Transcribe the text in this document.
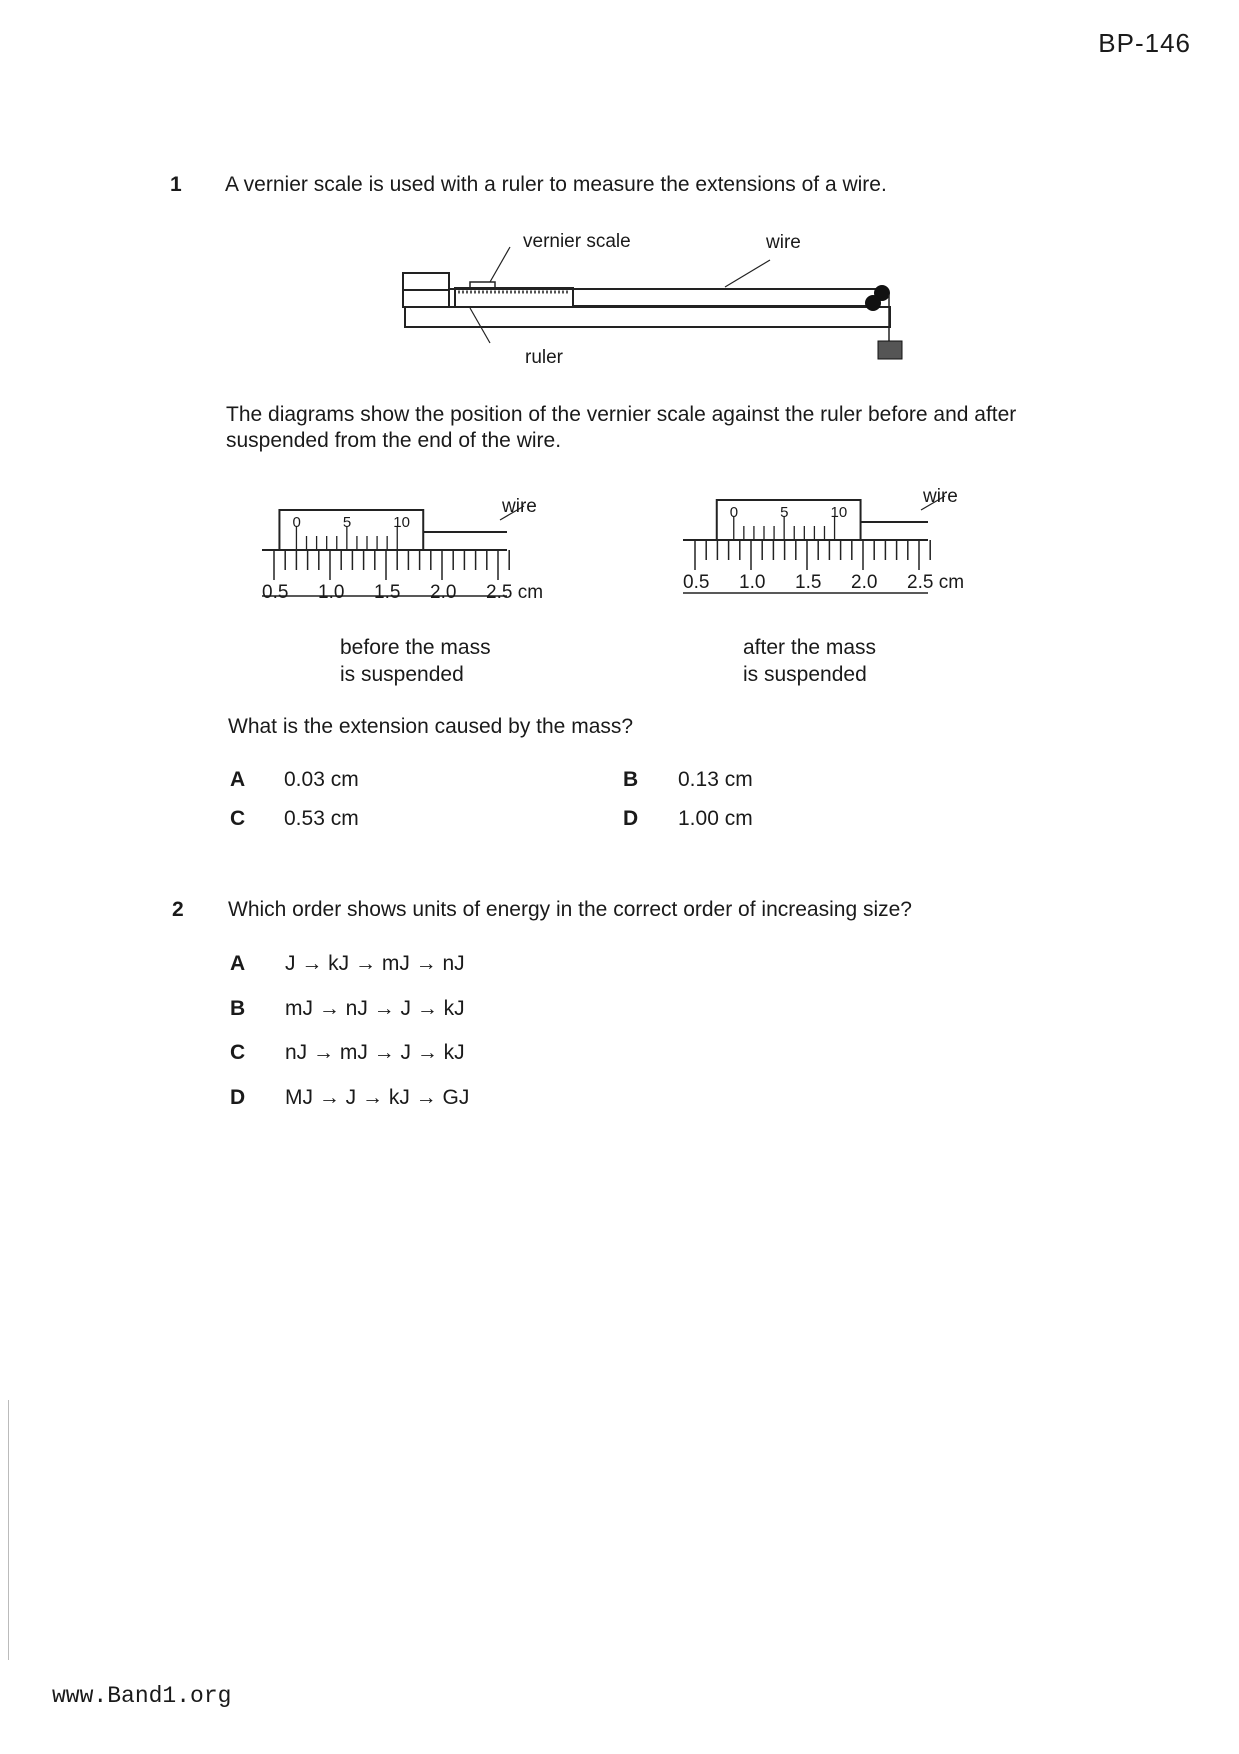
BP-146
1 A vernier scale is used with a ruler to measure the extensions of a wire.
vernier scale	wire
ruler
The diagrams show the position of the vernier scale against the ruler before and after
suspended from the end of the wire.
wire
0	5	10
0.5 1.0 1.5 2.0 2.5 cm
wire
0	5	10
0.5 1.0 1.5 2.0 2.5 cm
before the mass
is suspended
after the mass
is suspended
What is the extension caused by the mass?
A 0.03 cm	B 0.13 cm
C 0.53 cm	D 1.00 cm
2 Which order shows units of energy in the correct order of increasing size?
A J → kJ → mJ → nJ
B mJ → nJ → J → kJ
C nJ → mJ → J → kJ
D MJ → J → kJ → GJ
www.Band1.org
